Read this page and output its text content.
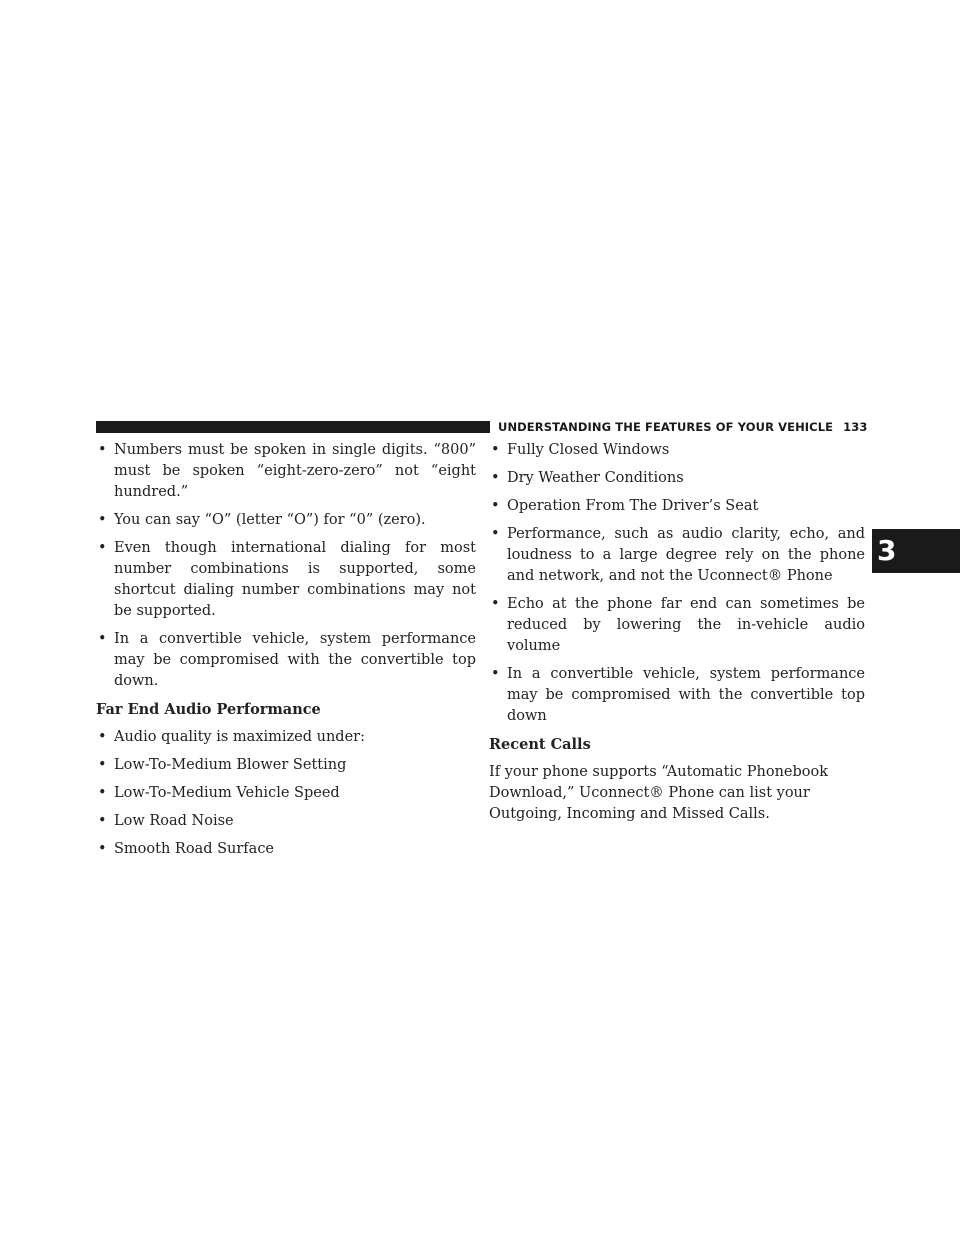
UNDERSTANDING THE FEATURES OF YOUR VEHICLE 133
3
• Numbers must be spoken in single digits. “800” must be spoken “eight-zero-zero” not “eight hundred.”
• You can say “O” (letter “O”) for “0” (zero).
• Even though international dialing for most number combinations is supported, some shortcut dialing number combinations may not be supported.
• In a convertible vehicle, system performance may be compromised with the convertible top down.
Far End Audio Performance
• Audio quality is maximized under:
• Low-To-Medium Blower Setting
• Low-To-Medium Vehicle Speed
• Low Road Noise
• Smooth Road Surface
• Fully Closed Windows
• Dry Weather Conditions
• Operation From The Driver’s Seat
• Performance, such as audio clarity, echo, and loudness to a large degree rely on the phone and network, and not the Uconnect® Phone
• Echo at the phone far end can sometimes be reduced by lowering the in-vehicle audio volume
• In a convertible vehicle, system performance may be compromised with the convertible top down
Recent Calls

If your phone supports “Automatic Phonebook Download,” Uconnect® Phone can list your Outgoing, Incoming and Missed Calls.
